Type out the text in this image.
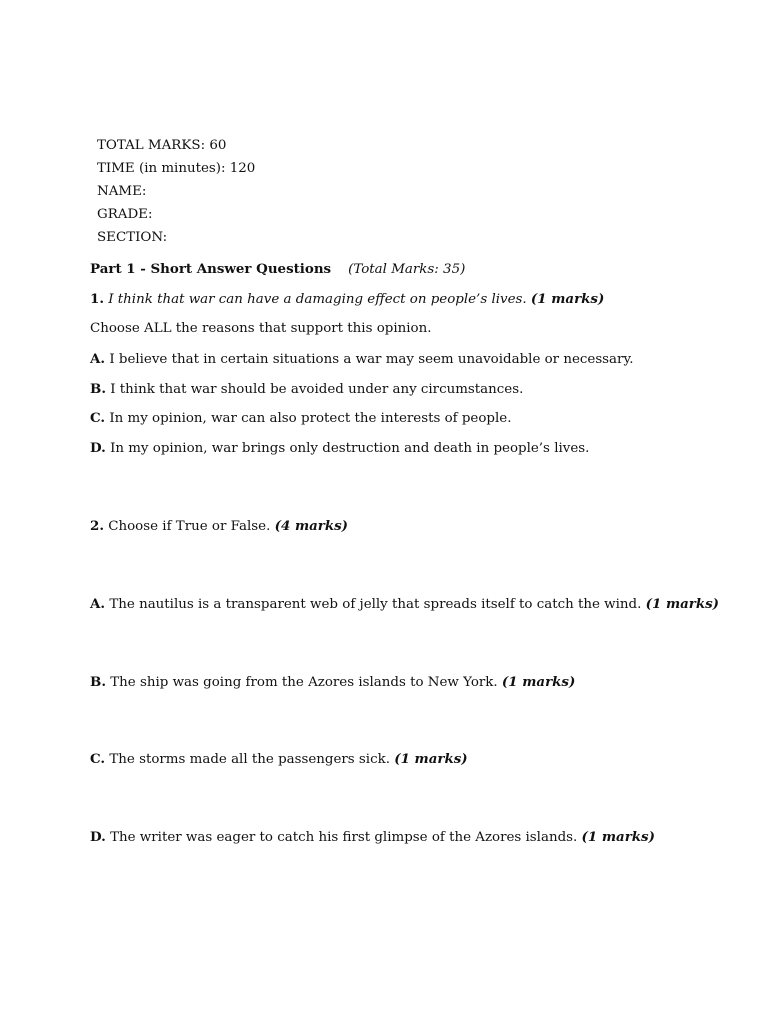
TOTAL MARKS: 60
TIME (in minutes): 120
NAME:
GRADE:
SECTION:
Part 1 - Short Answer Questions (Total Marks: 35)
1. I think that war can have a damaging effect on people’s lives. (1 marks)
Choose ALL the reasons that support this opinion.
A. I believe that in certain situations a war may seem unavoidable or necessary.
B. I think that war should be avoided under any circumstances.
C. In my opinion, war can also protect the interests of people.
D. In my opinion, war brings only destruction and death in people’s lives.
2. Choose if True or False. (4 marks)
A. The nautilus is a transparent web of jelly that spreads itself to catch the wind. (1 marks)
B. The ship was going from the Azores islands to New York. (1 marks)
C. The storms made all the passengers sick. (1 marks)
D. The writer was eager to catch his first glimpse of the Azores islands. (1 marks)
